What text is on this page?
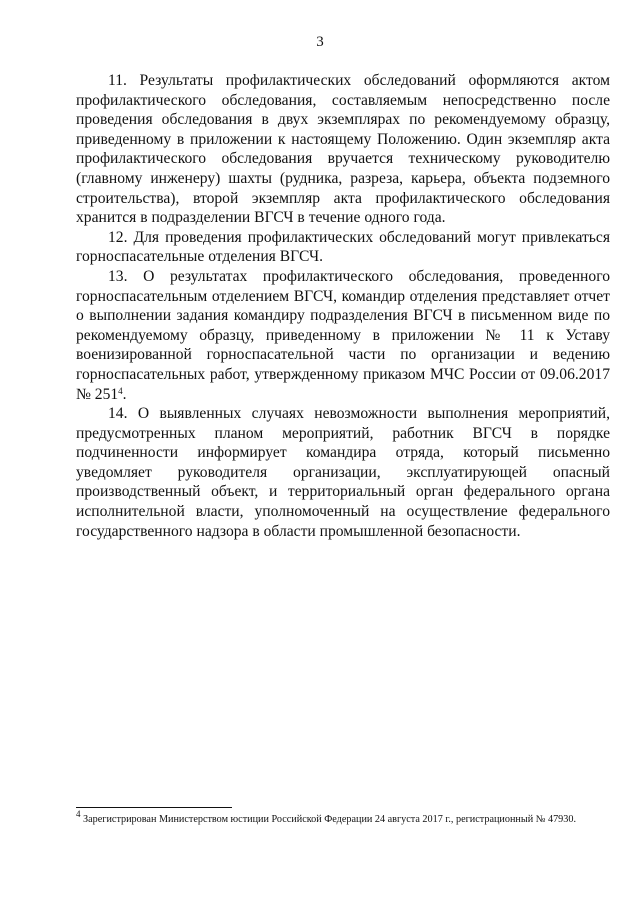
3

11. Результаты профилактических обследований оформляются актом профилактического обследования, составляемым непосредственно после проведения обследования в двух экземплярах по рекомендуемому образцу, приведенному в приложении к настоящему Положению. Один экземпляр акта профилактического обследования вручается техническому руководителю (главному инженеру) шахты (рудника, разреза, карьера, объекта подземного строительства), второй экземпляр акта профилактического обследования хранится в подразделении ВГСЧ в течение одного года.

12. Для проведения профилактических обследований могут привлекаться горноспасательные отделения ВГСЧ.

13. О результатах профилактического обследования, проведенного горноспасательным отделением ВГСЧ, командир отделения представляет отчет о выполнении задания командиру подразделения ВГСЧ в письменном виде по рекомендуемому образцу, приведенному в приложении № 11 к Уставу военизированной горноспасательной части по организации и ведению горноспасательных работ, утвержденному приказом МЧС России от 09.06.2017 № $251^4$.

14. О выявленных случаях невозможности выполнения мероприятий, предусмотренных планом мероприятий, работник ВГСЧ в порядке подчиненности информирует командира отряда, который письменно уведомляет руководителя организации, эксплуатирующей опасный производственный объект, и территориальный орган федерального органа исполнительной власти, уполномоченный на осуществление федерального государственного надзора в области промышленной безопасности.

$^4$ Зарегистрирован Министерством юстиции Российской Федерации 24 августа 2017 г., регистрационный № 47930.
